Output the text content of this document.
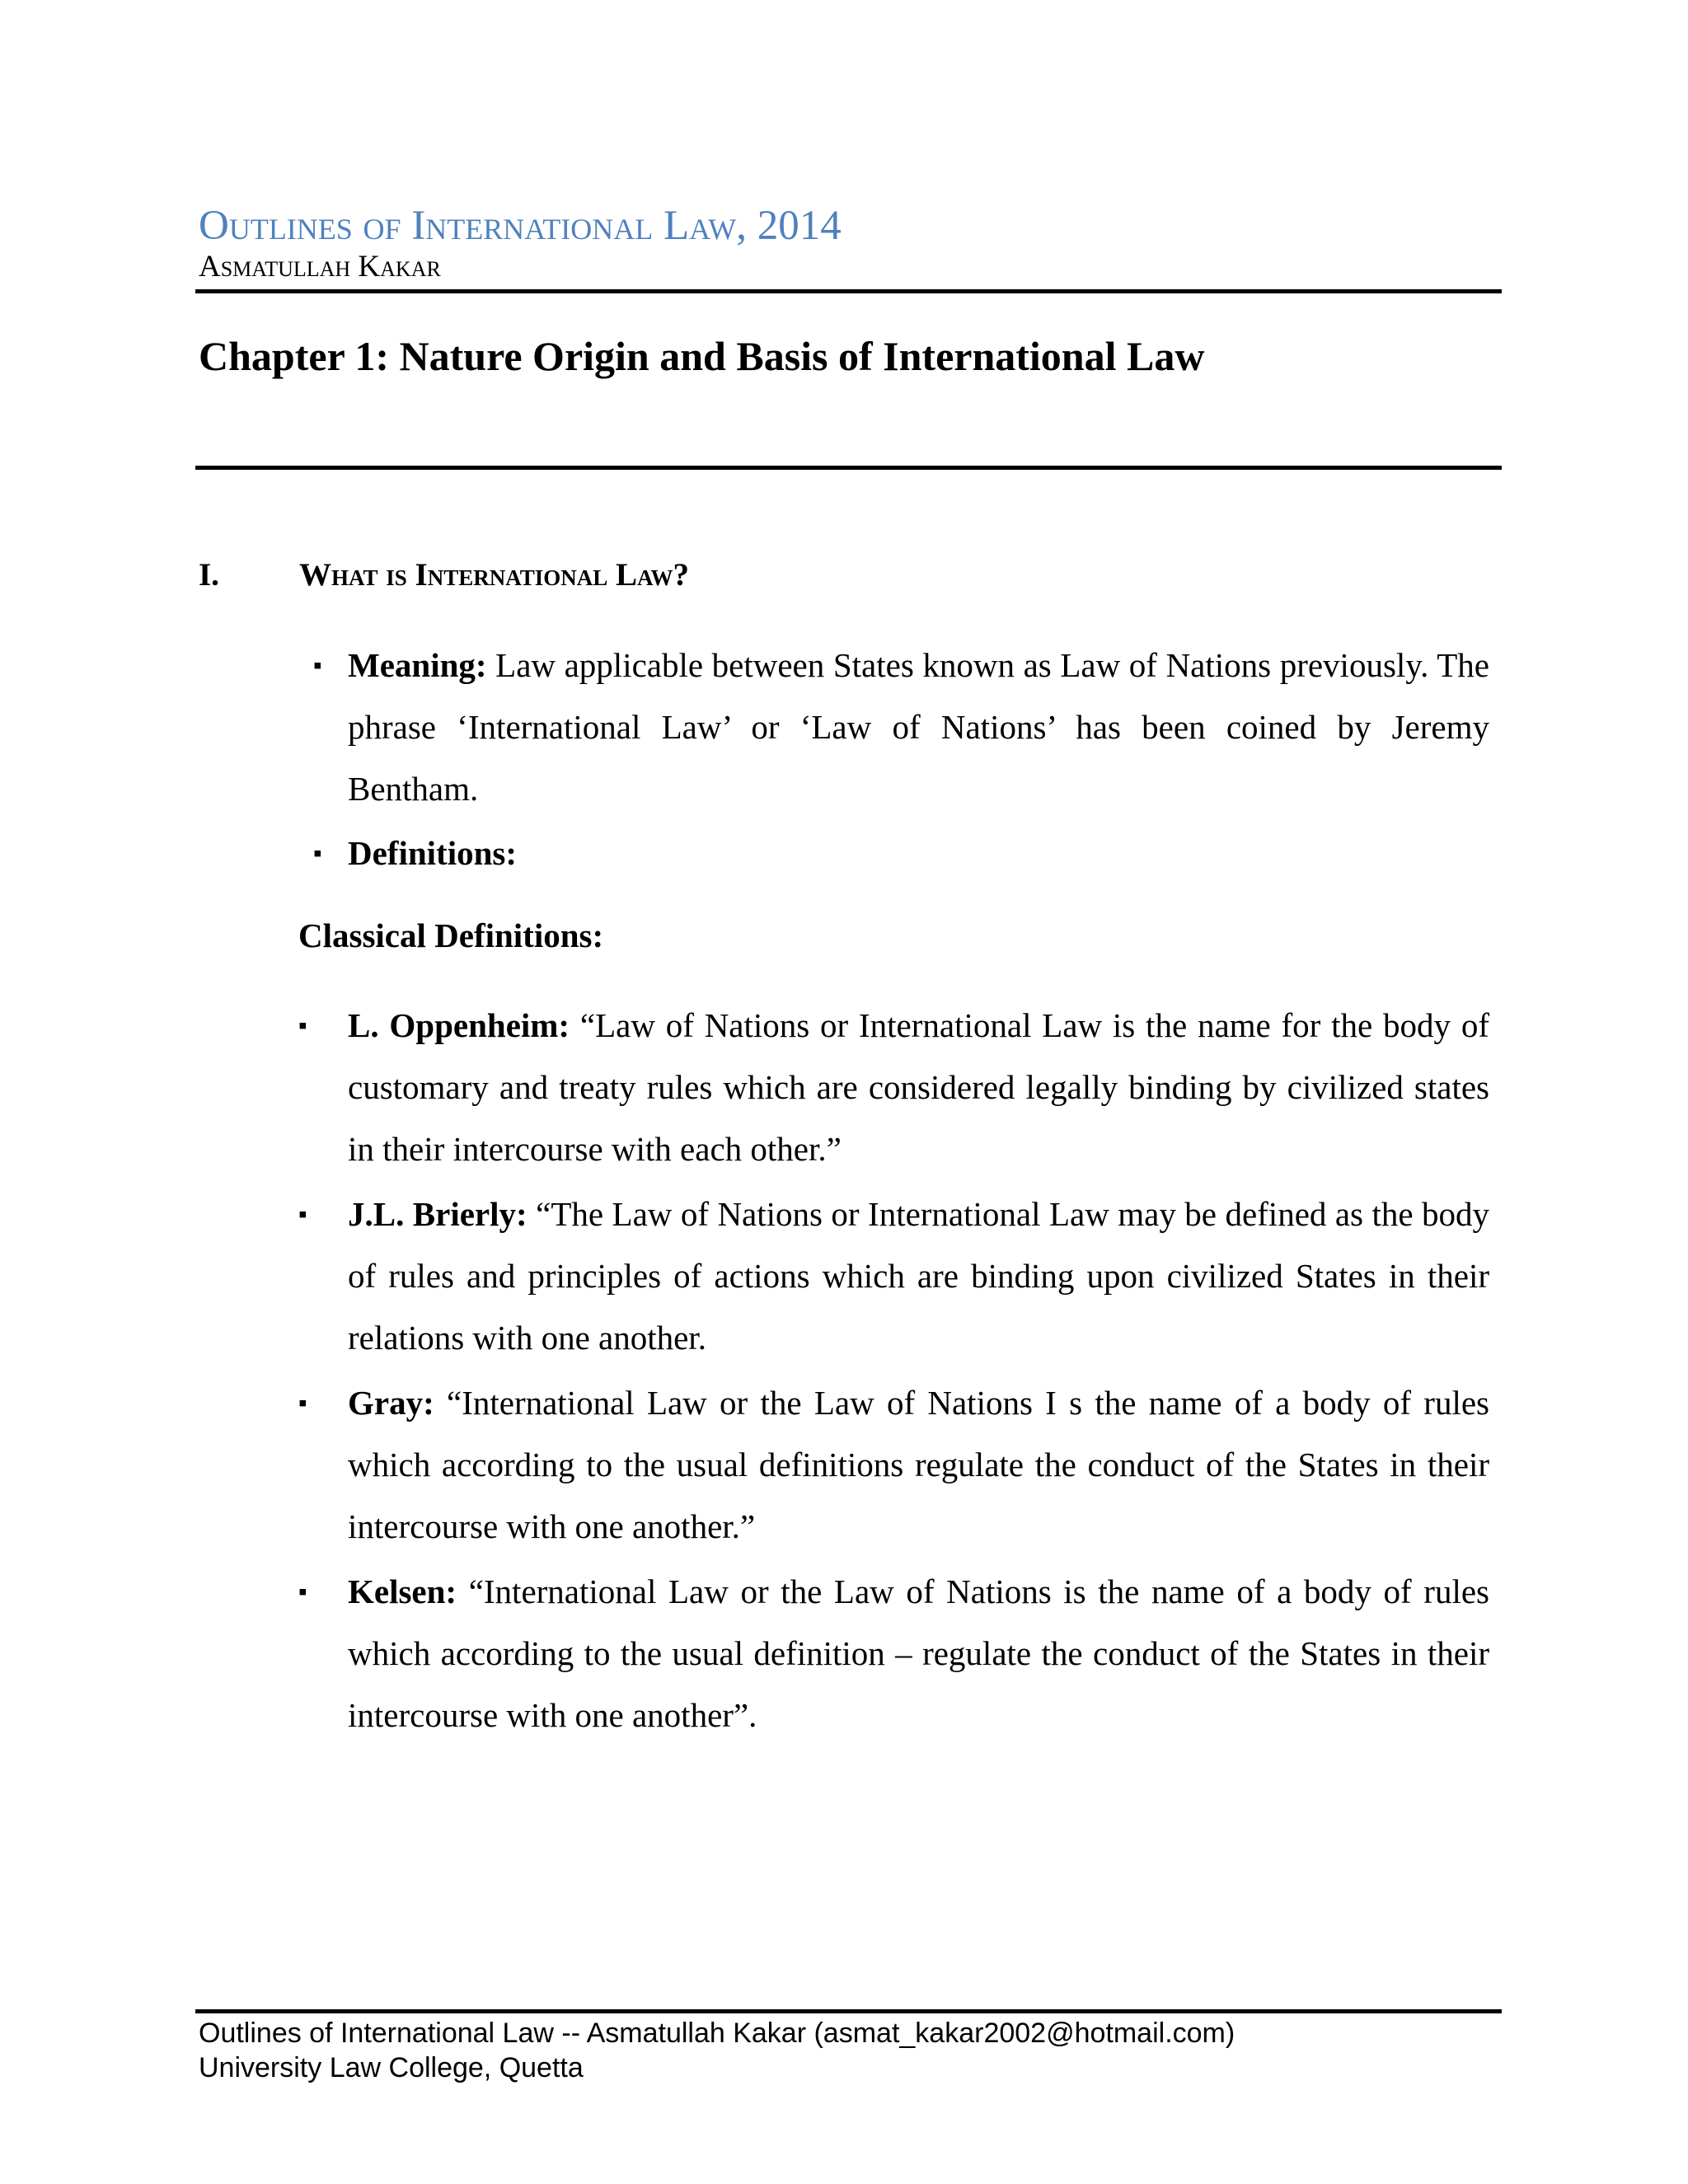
Outlines of International Law, 2014
Asmatullah Kakar
Chapter 1: Nature Origin and Basis of International Law
I. What is International Law?
▪ Meaning: Law applicable between States known as Law of Nations previously. The phrase ‘International Law’ or ‘Law of Nations’ has been coined by Jeremy Bentham.
▪ Definitions:
Classical Definitions:
▪ L. Oppenheim: “Law of Nations or International Law is the name for the body of customary and treaty rules which are considered legally binding by civilized states in their intercourse with each other.”
▪ J.L. Brierly: “The Law of Nations or International Law may be defined as the body of rules and principles of actions which are binding upon civilized States in their relations with one another.
▪ Gray: “International Law or the Law of Nations I s the name of a body of rules which according to the usual definitions regulate the conduct of the States in their intercourse with one another.”
▪ Kelsen: “International Law or the Law of Nations is the name of a body of rules which according to the usual definition – regulate the conduct of the States in their intercourse with one another”.
Outlines of International Law -- Asmatullah Kakar (asmat_kakar2002@hotmail.com)
University Law College, Quetta
